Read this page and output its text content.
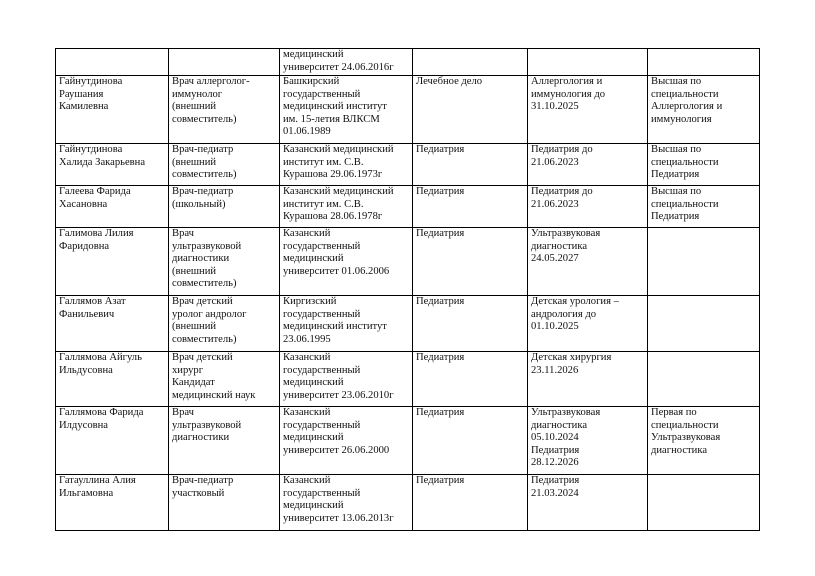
		медицинский
университет 24.06.2016г			

Гайнутдинова
Раушания
Камилевна	Врач аллерголог-
иммунолог
(внешний
совместитель)	Башкирский
государственный
медицинский институт
им. 15-летия ВЛКСМ
01.06.1989	Лечебное дело	Аллергология и
иммунология до
31.10.2025	Высшая по
специальности
Аллергология и
иммунология

Гайнутдинова
Халида Закарьевна	Врач-педиатр
(внешний
совместитель)	Казанский медицинский
институт им. С.В.
Курашова 29.06.1973г	Педиатрия	Педиатрия до
21.06.2023	Высшая по
специальности
Педиатрия

Галеева Фарида
Хасановна	Врач-педиатр
(школьный)	Казанский медицинский
институт им. С.В.
Курашова 28.06.1978г	Педиатрия	Педиатрия до
21.06.2023	Высшая по
специальности
Педиатрия

Галимова Лилия
Фаридовна	Врач
ультразвуковой
диагностики
(внешний
совместитель)	Казанский
государственный
медицинский
университет 01.06.2006	Педиатрия	Ультразвуковая
диагностика
24.05.2027	

Галлямов Азат
Фанильевич	Врач детский
уролог андролог
(внешний
совместитель)	Киргизский
государственный
медицинский институт
23.06.1995	Педиатрия	Детская урология –
андрология до
01.10.2025	

Галлямова Айгуль
Ильдусовна	Врач детский
хирург
Кандидат
медицинский наук	Казанский
государственный
медицинский
университет 23.06.2010г	Педиатрия	Детская хирургия
23.11.2026	

Галлямова Фарида
Илдусовна	Врач
ультразвуковой
диагностики	Казанский
государственный
медицинский
университет 26.06.2000	Педиатрия	Ультразвуковая
диагностика
05.10.2024
Педиатрия
28.12.2026	Первая по
специальности
Ультразвуковая
диагностика

Гатауллина Алия
Ильгамовна	Врач-педиатр
участковый	Казанский
государственный
медицинский
университет 13.06.2013г	Педиатрия	Педиатрия
21.03.2024	
